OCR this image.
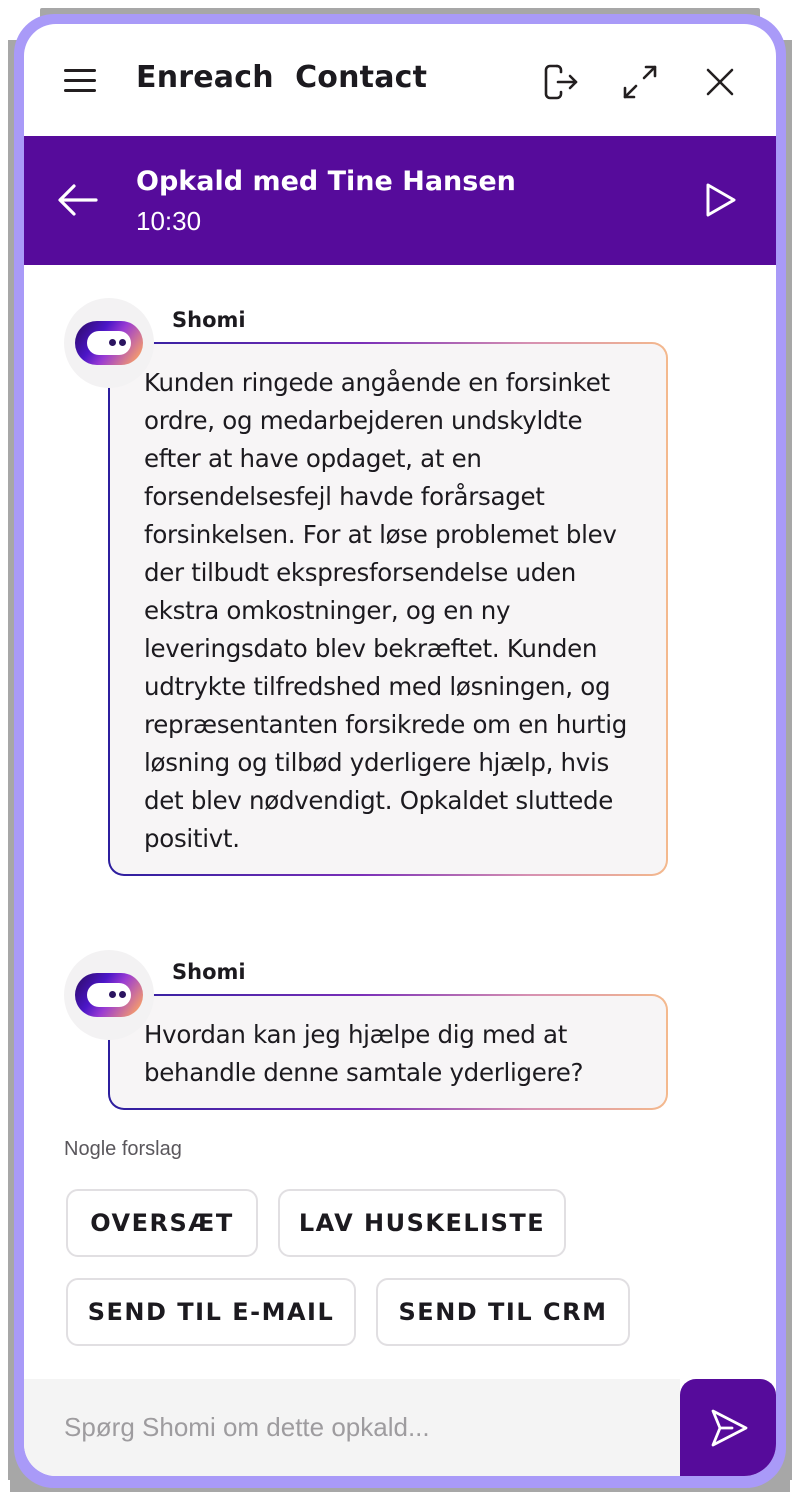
Enreach  Contact
Opkald med Tine Hansen
10:30
Shomi
Kunden ringede angående en forsinket ordre, og medarbejderen undskyldte efter at have opdaget, at en forsendelsesfejl havde forårsaget forsinkelsen. For at løse problemet blev der tilbudt ekspresforsendelse uden ekstra omkostninger, og en ny leveringsdato blev bekræftet. Kunden udtrykte tilfredshed med løsningen, og repræsentanten forsikrede om en hurtig løsning og tilbød yderligere hjælp, hvis det blev nødvendigt. Opkaldet sluttede positivt.
Shomi
Hvordan kan jeg hjælpe dig med at behandle denne samtale yderligere?
Nogle forslag
OVERSÆT	LAV HUSKELISTE
SEND TIL E-MAIL	SEND TIL CRM
Spørg Shomi om dette opkald...
